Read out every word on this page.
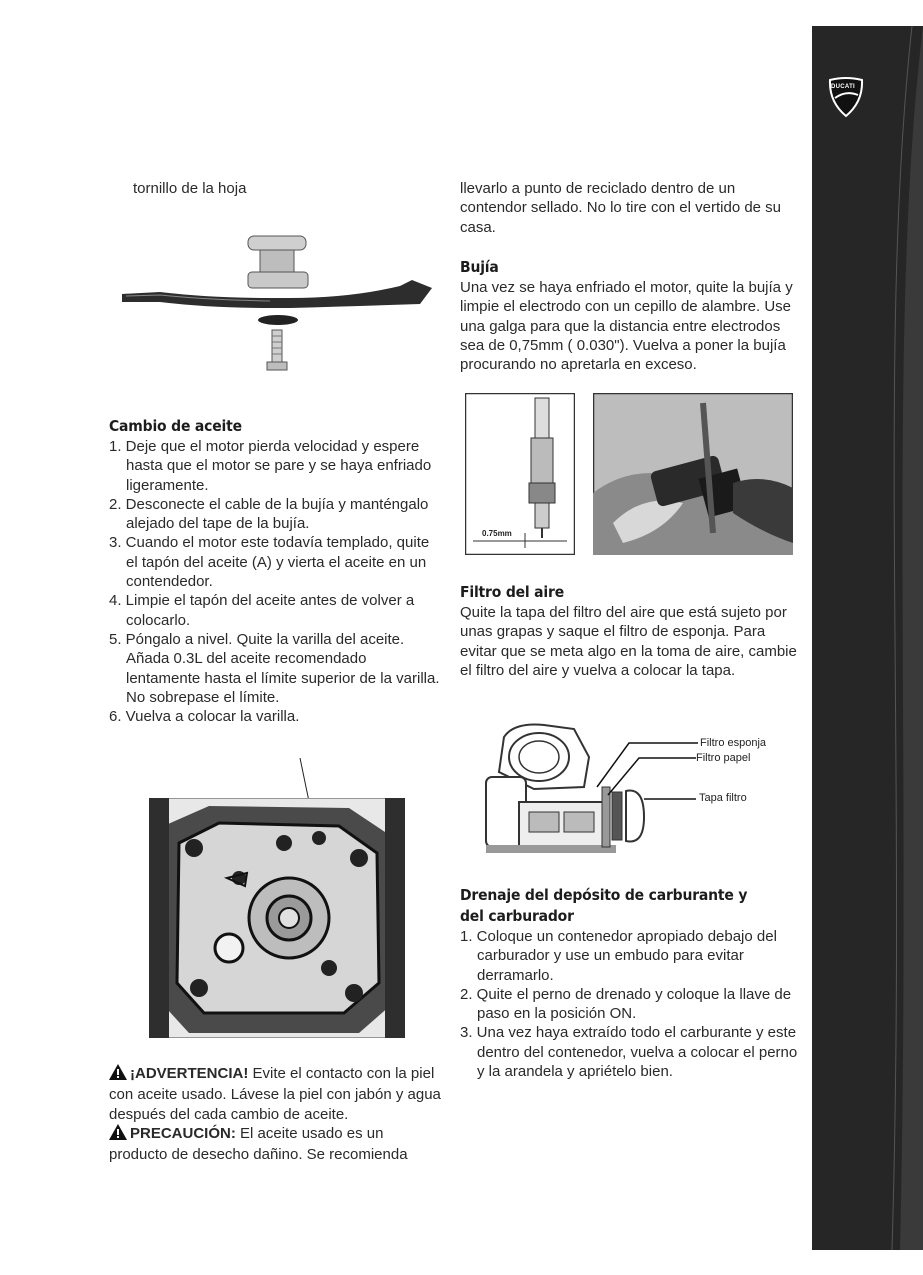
DUCATI

tornillo de la hoja

Cambio de aceite
1. Deje que el motor pierda velocidad y espere hasta que el motor se pare y se haya enfriado ligeramente.
2. Desconecte el cable de la bujía y manténgalo alejado del tape de la bujía.
3. Cuando el motor este todavía templado, quite el tapón del aceite (A) y vierta el aceite en un contendedor.
4. Limpie el tapón del aceite antes de volver a colocarlo.
5. Póngalo a nivel. Quite la varilla del aceite. Añada 0.3L del aceite recomendado lentamente hasta el límite superior de la varilla. No sobrepase el límite.
6. Vuelva a colocar la varilla.

¡ADVERTENCIA! Evite el contacto con la piel con aceite usado. Lávese la piel con jabón y agua después del cada cambio de aceite.

PRECAUCIÓN: El aceite usado es un producto de desecho dañino. Se recomienda

llevarlo a punto de reciclado dentro de un contendor sellado. No lo tire con el vertido de su casa.

Bujía

Una vez se haya enfriado el motor, quite la bujía y limpie el electrodo con un cepillo de alambre. Use una galga para que la distancia entre electrodos sea de 0,75mm ( 0.030"). Vuelva a poner la bujía procurando no apretarla en exceso.

0.75mm
Filtro del aire

Quite la tapa del filtro del aire que está sujeto por unas grapas y saque el filtro de esponja. Para evitar que se meta algo en la toma de aire, cambie el filtro del aire y vuelva a colocar la tapa.

Filtro esponja
Filtro papel
Tapa filtro
Drenaje del depósito de carburante y del carburador
1. Coloque un contenedor apropiado debajo del carburador y use un embudo para evitar derramarlo.
2. Quite el perno de drenado y coloque la llave de paso en la posición ON.
3. Una vez haya extraído todo el carburante y este dentro del contenedor, vuelva a colocar el perno y la arandela y apriételo bien.
